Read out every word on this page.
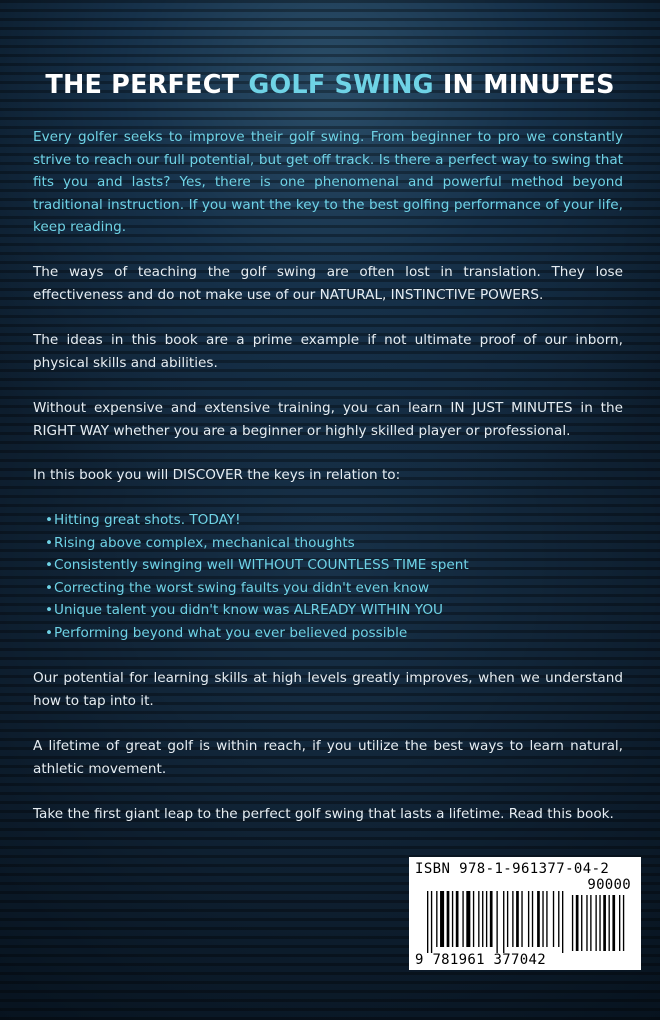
THE PERFECT GOLF SWING IN MINUTES
Every golfer seeks to improve their golf swing. From beginner to pro we constantly strive to reach our full potential, but get off track. Is there a perfect way to swing that fits you and lasts? Yes, there is one phenomenal and powerful method beyond traditional instruction. If you want the key to the best golfing performance of your life, keep reading.
The ways of teaching the golf swing are often lost in translation. They lose effectiveness and do not make use of our NATURAL, INSTINCTIVE POWERS.
The ideas in this book are a prime example if not ultimate proof of our inborn, physical skills and abilities.
Without expensive and extensive training, you can learn IN JUST MINUTES in the RIGHT WAY whether you are a beginner or highly skilled player or professional.
In this book you will DISCOVER the keys in relation to:
•Hitting great shots. TODAY!
•Rising above complex, mechanical thoughts
•Consistently swinging well WITHOUT COUNTLESS TIME spent
•Correcting the worst swing faults you didn't even know
•Unique talent you didn't know was ALREADY WITHIN YOU
•Performing beyond what you ever believed possible
Our potential for learning skills at high levels greatly improves, when we understand how to tap into it.
A lifetime of great golf is within reach, if you utilize the best ways to learn natural, athletic movement.
Take the first giant leap to the perfect golf swing that lasts a lifetime. Read this book.
ISBN 978-1-961377-04-2
90000
9 781961 377042
